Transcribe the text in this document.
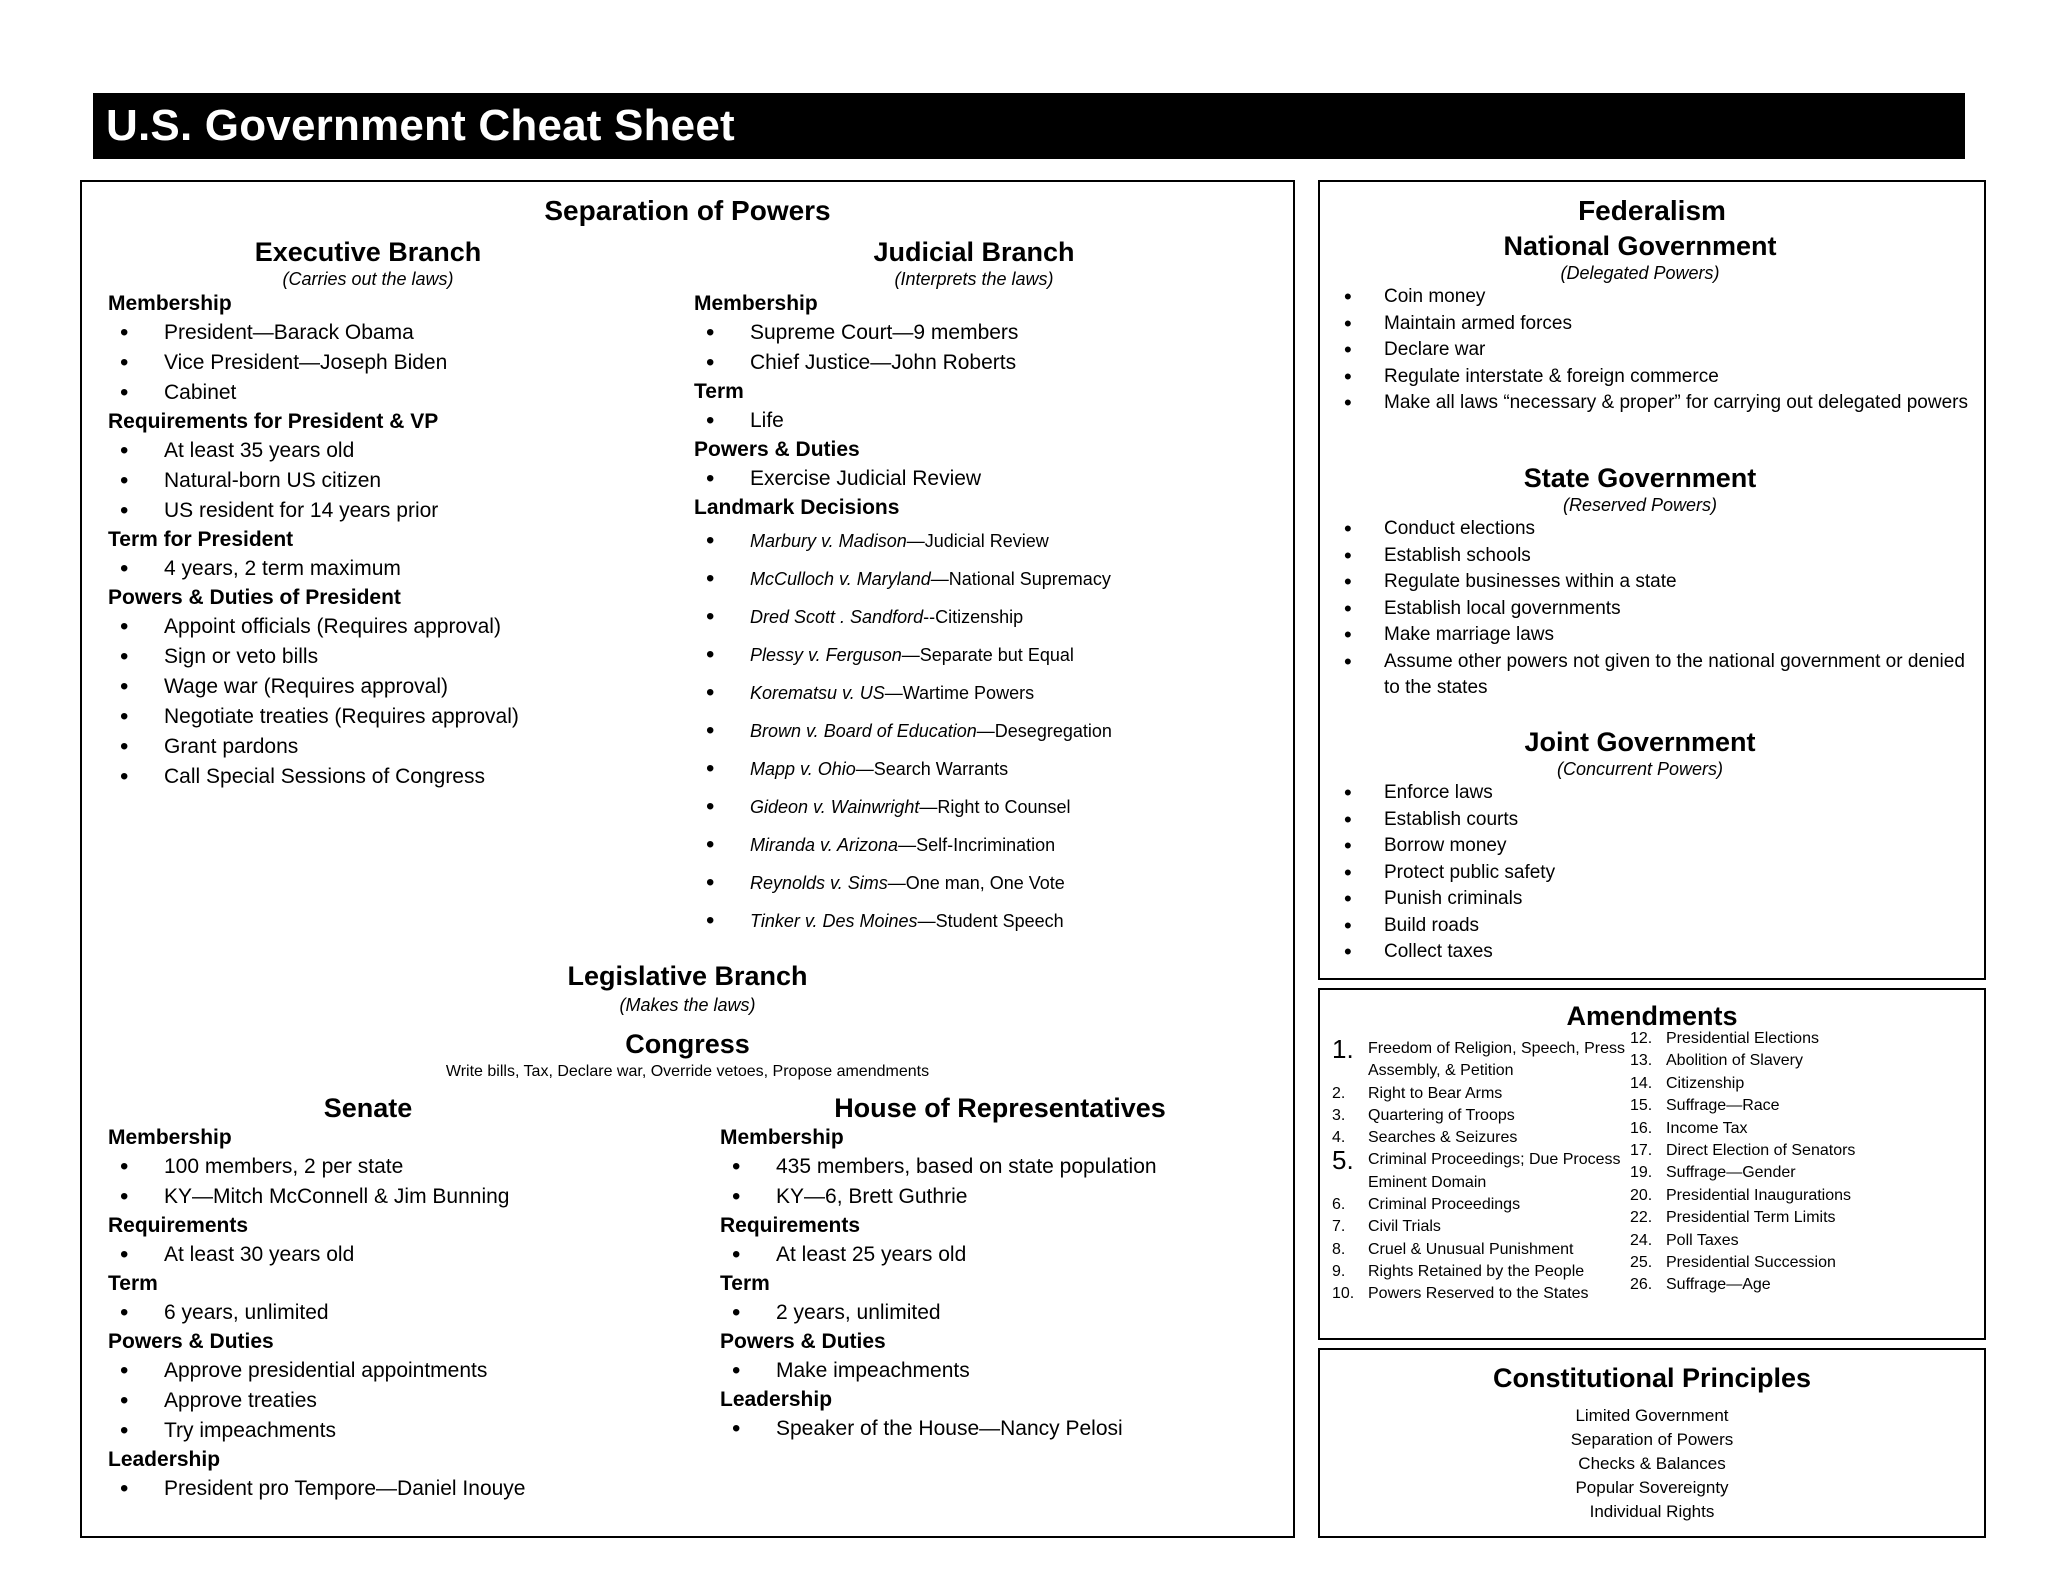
U.S. Government Cheat Sheet
Separation of Powers
Executive Branch
(Carries out the laws)
Membership
• President—Barack Obama
• Vice President—Joseph Biden
• Cabinet
Requirements for President & VP
• At least 35 years old
• Natural-born US citizen
• US resident for 14 years prior
Term for President
• 4 years, 2 term maximum
Powers & Duties of President
• Appoint officials (Requires approval)
• Sign or veto bills
• Wage war (Requires approval)
• Negotiate treaties (Requires approval)
• Grant pardons
• Call Special Sessions of Congress
Judicial Branch
(Interprets the laws)
Membership
• Supreme Court—9 members
• Chief Justice—John Roberts
Term
• Life
Powers & Duties
• Exercise Judicial Review
Landmark Decisions
• Marbury v. Madison—Judicial Review
• McCulloch v. Maryland—National Supremacy
• Dred Scott . Sandford--Citizenship
• Plessy v. Ferguson—Separate but Equal
• Korematsu v. US—Wartime Powers
• Brown v. Board of Education—Desegregation
• Mapp v. Ohio—Search Warrants
• Gideon v. Wainwright—Right to Counsel
• Miranda v. Arizona—Self-Incrimination
• Reynolds v. Sims—One man, One Vote
• Tinker v. Des Moines—Student Speech
Legislative Branch
(Makes the laws)
Congress
Write bills, Tax, Declare war, Override vetoes, Propose amendments
Senate
Membership
• 100 members, 2 per state
• KY—Mitch McConnell & Jim Bunning
Requirements
• At least 30 years old
Term
• 6 years, unlimited
Powers & Duties
• Approve presidential appointments
• Approve treaties
• Try impeachments
Leadership
• President pro Tempore—Daniel Inouye
House of Representatives
Membership
• 435 members, based on state population
• KY—6, Brett Guthrie
Requirements
• At least 25 years old
Term
• 2 years, unlimited
Powers & Duties
• Make impeachments
Leadership
• Speaker of the House—Nancy Pelosi
Federalism
National Government
(Delegated Powers)
• Coin money
• Maintain armed forces
• Declare war
• Regulate interstate & foreign commerce
• Make all laws “necessary & proper” for carrying out delegated powers
State Government
(Reserved Powers)
• Conduct elections
• Establish schools
• Regulate businesses within a state
• Establish local governments
• Make marriage laws
• Assume other powers not given to the national government or denied to the states
Joint Government
(Concurrent Powers)
• Enforce laws
• Establish courts
• Borrow money
• Protect public safety
• Punish criminals
• Build roads
• Collect taxes
Amendments
1. Freedom of Religion, Speech, Press
Assembly, & Petition
2.	Right to Bear Arms
3.	Quartering of Troops
4.	Searches & Seizures
5. Criminal Proceedings; Due Process
Eminent Domain
6.	Criminal Proceedings
7.	Civil Trials
8.	Cruel & Unusual Punishment
9.	Rights Retained by the People
10. Powers Reserved to the States
12. Presidential Elections
13. Abolition of Slavery
14. Citizenship
15. Suffrage—Race
16. Income Tax
17. Direct Election of Senators
19. Suffrage—Gender
20. Presidential Inaugurations
22. Presidential Term Limits
24. Poll Taxes
25. Presidential Succession
26. Suffrage—Age
Constitutional Principles
Limited Government
Separation of Powers
Checks & Balances
Popular Sovereignty
Individual Rights
